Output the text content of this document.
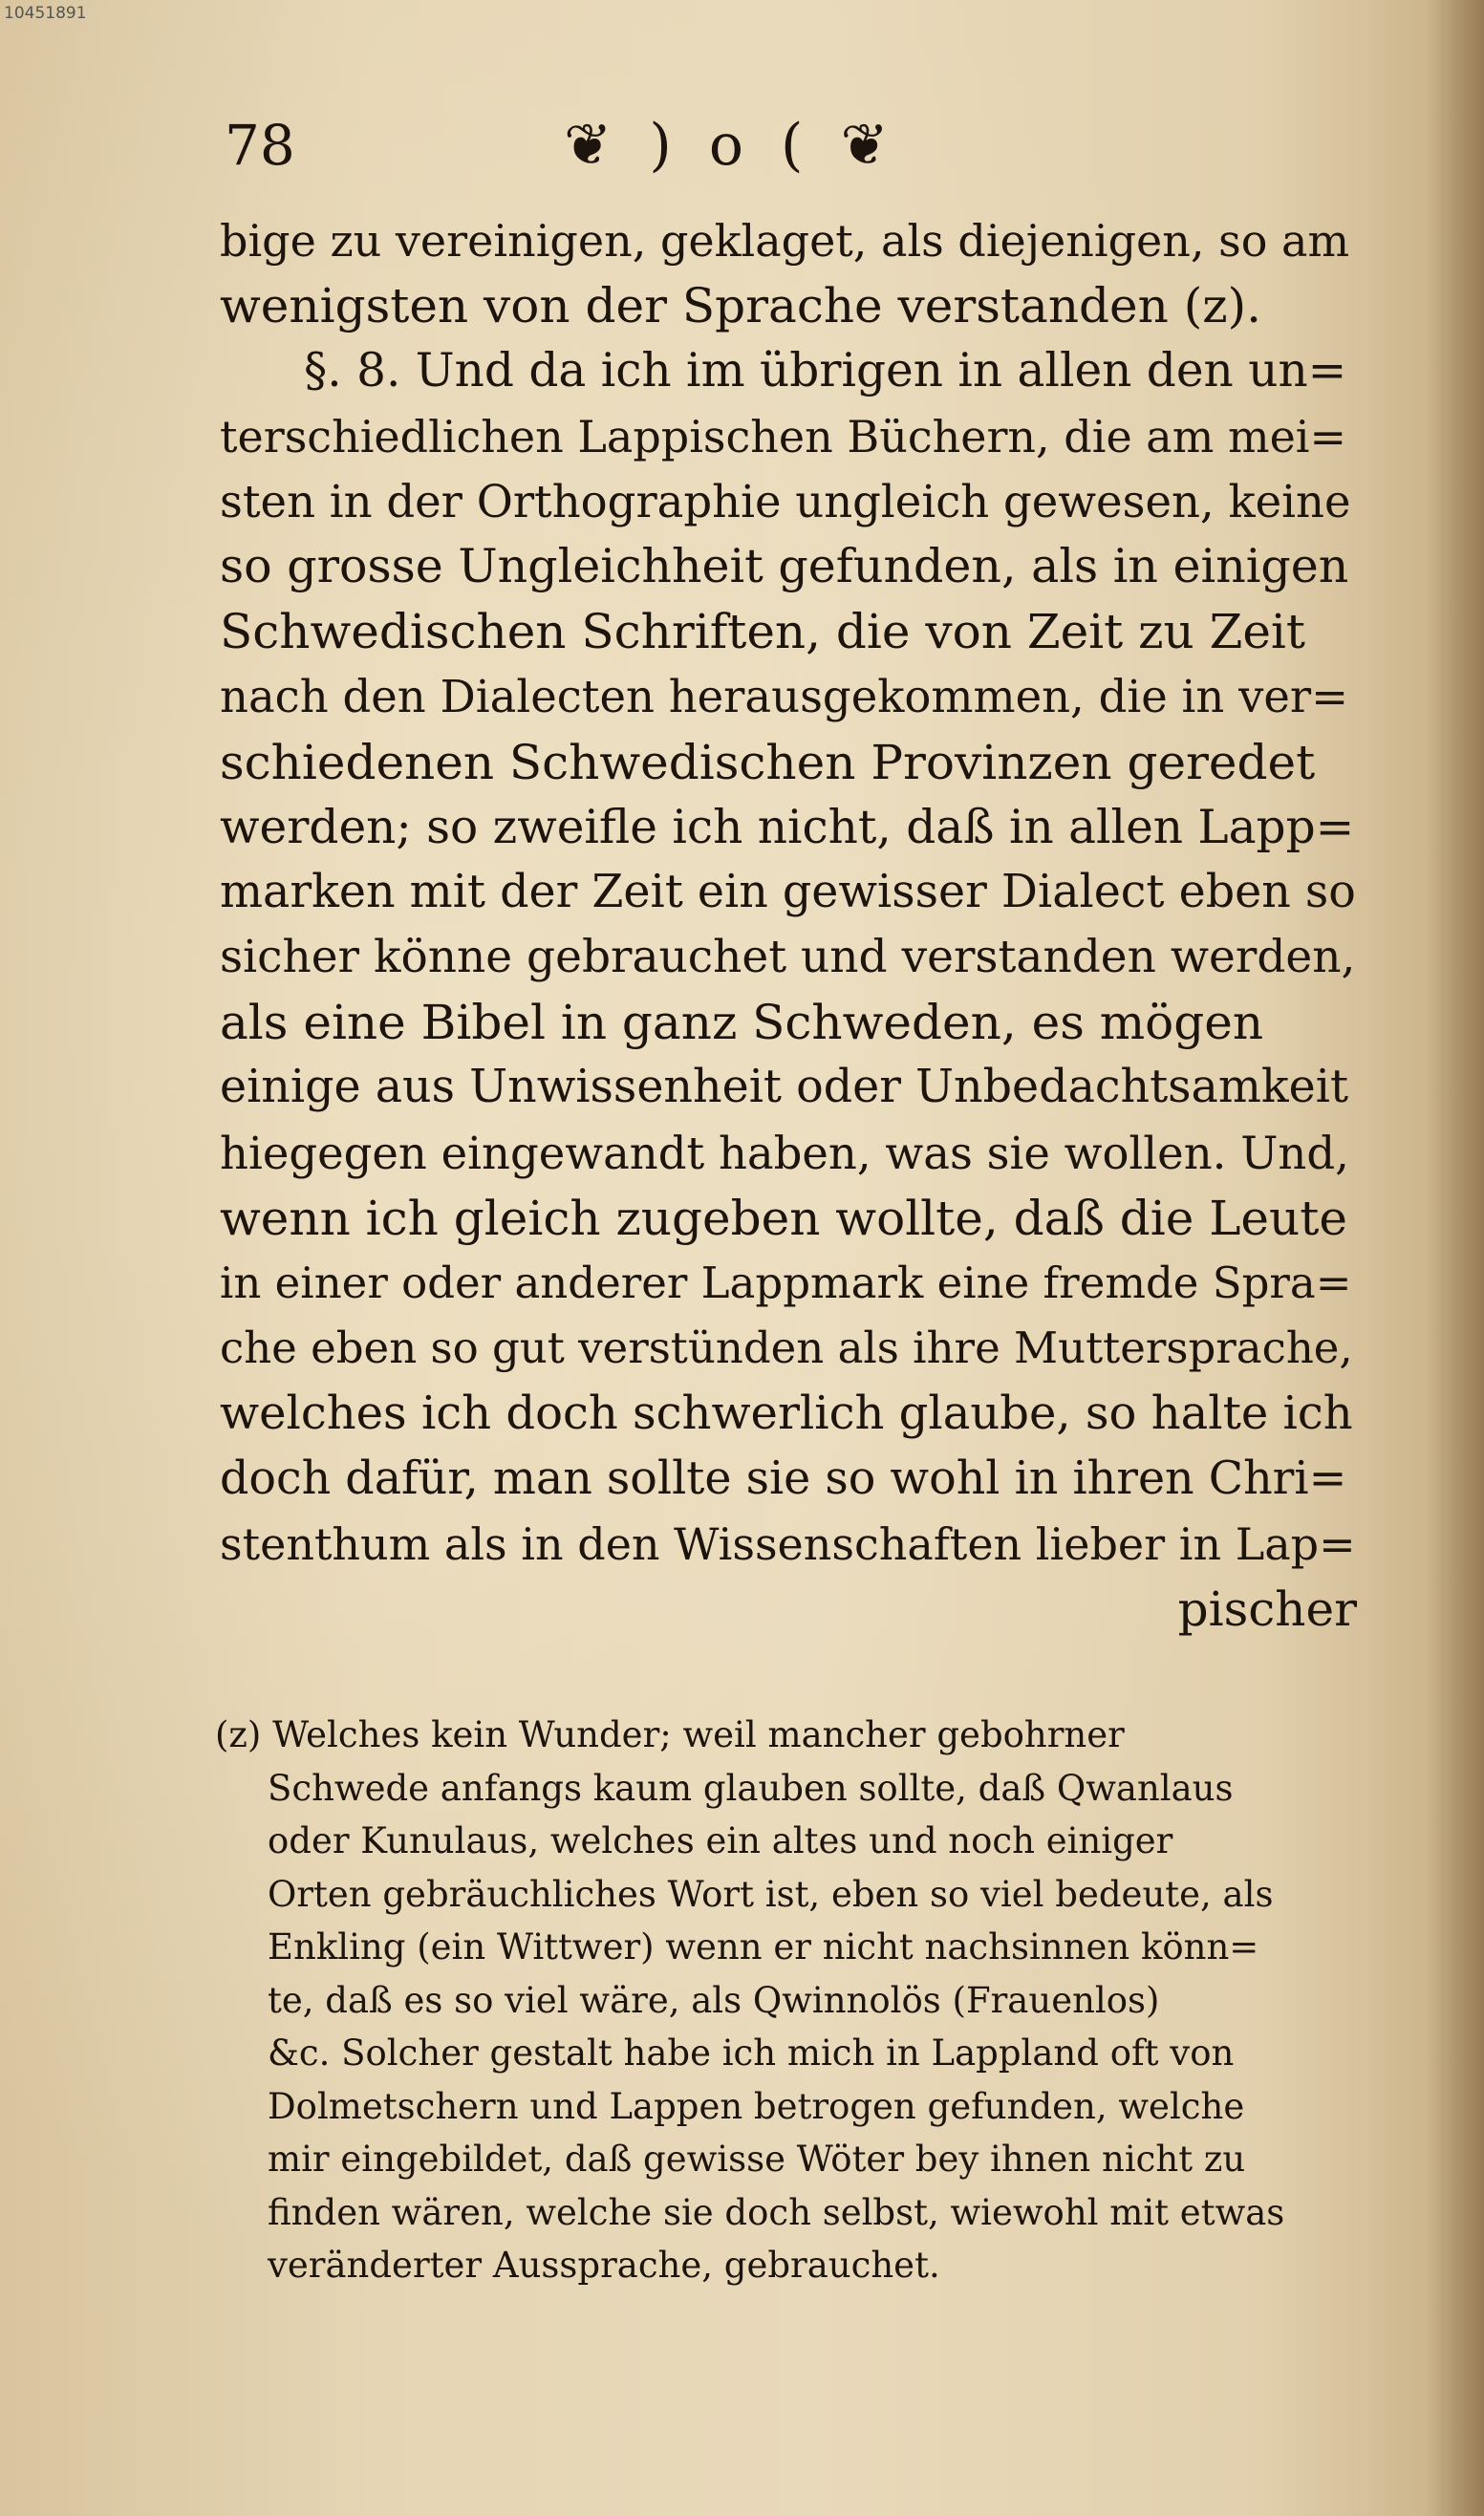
10451891
78	❦ ) o ( ❦
bige zu vereinigen, geklaget, als diejenigen, so am
wenigsten von der Sprache verstanden (z).
§. 8. Und da ich im übrigen in allen den un=
terschiedlichen Lappischen Büchern, die am mei=
sten in der Orthographie ungleich gewesen, keine
so grosse Ungleichheit gefunden, als in einigen
Schwedischen Schriften, die von Zeit zu Zeit
nach den Dialecten herausgekommen, die in ver=
schiedenen Schwedischen Provinzen geredet
werden; so zweifle ich nicht, daß in allen Lapp=
marken mit der Zeit ein gewisser Dialect eben so
sicher könne gebrauchet und verstanden werden,
als eine Bibel in ganz Schweden, es mögen
einige aus Unwissenheit oder Unbedachtsamkeit
hiegegen eingewandt haben, was sie wollen. Und,
wenn ich gleich zugeben wollte, daß die Leute
in einer oder anderer Lappmark eine fremde Spra=
che eben so gut verstünden als ihre Muttersprache,
welches ich doch schwerlich glaube, so halte ich
doch dafür, man sollte sie so wohl in ihren Chri=
stenthum als in den Wissenschaften lieber in Lap=
pischer
(z) Welches kein Wunder; weil mancher gebohrner
Schwede anfangs kaum glauben sollte, daß Qwanlaus
oder Kunulaus, welches ein altes und noch einiger
Orten gebräuchliches Wort ist, eben so viel bedeute, als
Enkling (ein Wittwer) wenn er nicht nachsinnen könn=
te, daß es so viel wäre, als Qwinnolös (Frauenlos)
&c. Solcher gestalt habe ich mich in Lappland oft von
Dolmetschern und Lappen betrogen gefunden, welche
mir eingebildet, daß gewisse Wöter bey ihnen nicht zu
finden wären, welche sie doch selbst, wiewohl mit etwas
veränderter Aussprache, gebrauchet.
